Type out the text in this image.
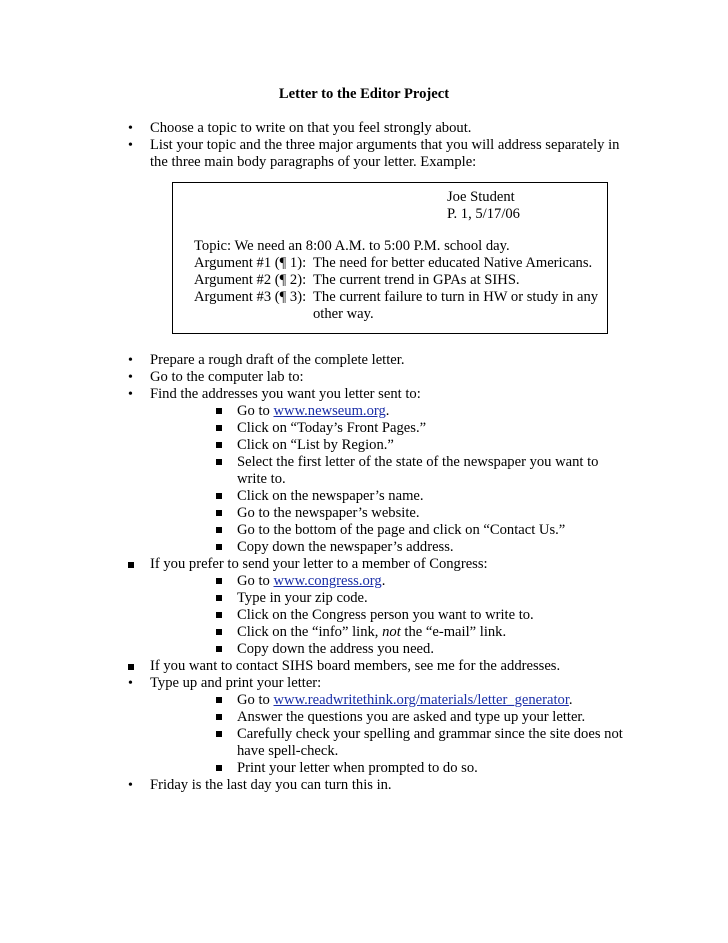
Letter to the Editor Project
•	Choose a topic to write on that you feel strongly about.
•	List your topic and the three major arguments that you will address separately in
the three main body paragraphs of your letter. Example:
Joe Student
P. 1, 5/17/06
Topic: We need an 8:00 A.M. to 5:00 P.M. school day.
Argument #1 (¶ 1): The need for better educated Native Americans.
Argument #2 (¶ 2): The current trend in GPAs at SIHS.
Argument #3 (¶ 3): The current failure to turn in HW or study in any
other way.
•	Prepare a rough draft of the complete letter.
•	Go to the computer lab to:
•	Find the addresses you want you letter sent to:
Go to www.newseum.org.
Click on “Today’s Front Pages.”
Click on “List by Region.”
Select the first letter of the state of the newspaper you want to
write to.
Click on the newspaper’s name.
Go to the newspaper’s website.
Go to the bottom of the page and click on “Contact Us.”
Copy down the newspaper’s address.
If you prefer to send your letter to a member of Congress:
Go to www.congress.org.
Type in your zip code.
Click on the Congress person you want to write to.
Click on the “info” link, not the “e-mail” link.
Copy down the address you need.
If you want to contact SIHS board members, see me for the addresses.
•	Type up and print your letter:
Go to www.readwritethink.org/materials/letter_generator.
Answer the questions you are asked and type up your letter.
Carefully check your spelling and grammar since the site does not
have spell-check.
Print your letter when prompted to do so.
•	Friday is the last day you can turn this in.
